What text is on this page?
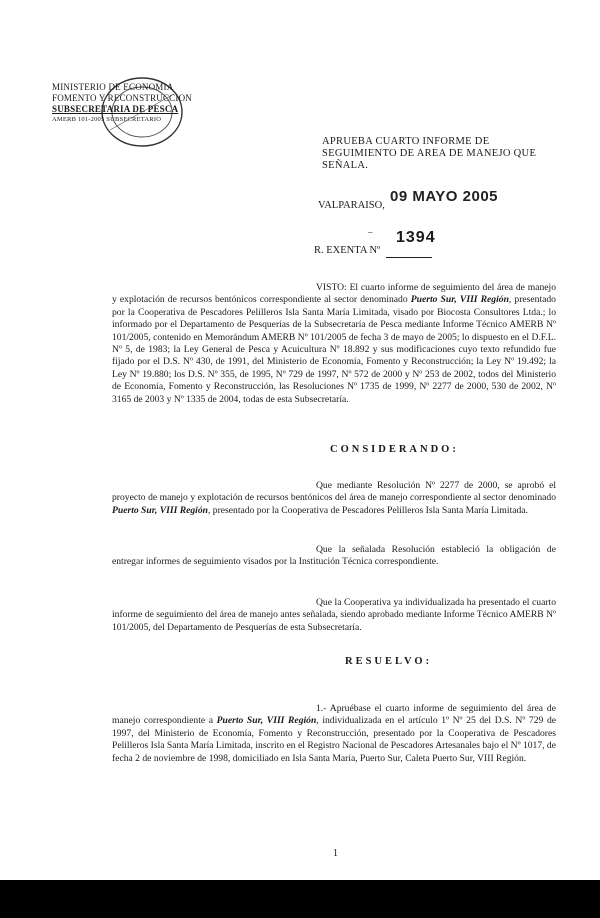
MINISTERIO DE ECONOMIA
FOMENTO Y RECONSTRUCCION
SUBSECRETARIA DE PESCA
AMERB 101-2005 SUBSECRETARIO
APRUEBA CUARTO INFORME DE SEGUIMIENTO DE AREA DE MANEJO QUE SEÑALA.
VALPARAISO,
09 MAYO 2005
– 1394
R. EXENTA Nº

VISTO: El cuarto informe de seguimiento del área de manejo y explotación de recursos bentónicos correspondiente al sector denominado Puerto Sur, VIII Región, presentado por la Cooperativa de Pescadores Pelilleros Isla Santa María Limitada, visado por Biocosta Consultores Ltda.; lo informado por el Departamento de Pesquerías de la Subsecretaría de Pesca mediante Informe Técnico AMERB Nº 101/2005, contenido en Memorándum AMERB Nº 101/2005 de fecha 3 de mayo de 2005; lo dispuesto en el D.F.L. Nº 5, de 1983; la Ley General de Pesca y Acuicultura Nº 18.892 y sus modificaciones cuyo texto refundido fue fijado por el D.S. Nº 430, de 1991, del Ministerio de Economía, Fomento y Reconstrucción; la Ley Nº 19.492; la Ley Nº 19.880; los D.S. Nº 355, de 1995, Nº 729 de 1997, Nº 572 de 2000 y Nº 253 de 2002, todos del Ministerio de Economía, Fomento y Reconstrucción, las Resoluciones Nº 1735 de 1999, Nº 2277 de 2000, 530 de 2002, Nº 3165 de 2003 y Nº 1335 de 2004, todas de esta Subsecretaría.

CONSIDERANDO:

Que mediante Resolución Nº 2277 de 2000, se aprobó el proyecto de manejo y explotación de recursos bentónicos del área de manejo correspondiente al sector denominado Puerto Sur, VIII Región, presentado por la Cooperativa de Pescadores Pelilleros Isla Santa María Limitada.

Que la señalada Resolución estableció la obligación de entregar informes de seguimiento visados por la Institución Técnica correspondiente.

Que la Cooperativa ya individualizada ha presentado el cuarto informe de seguimiento del área de manejo antes señalada, siendo aprobado mediante Informe Técnico AMERB Nº 101/2005, del Departamento de Pesquerías de esta Subsecretaría.

RESUELVO:

1.- Apruébase el cuarto informe de seguimiento del área de manejo correspondiente a Puerto Sur, VIII Región, individualizada en el artículo 1º Nº 25 del D.S. Nº 729 de 1997, del Ministerio de Economía, Fomento y Reconstrucción, presentado por la Cooperativa de Pescadores Pelilleros Isla Santa María Limitada, inscrito en el Registro Nacional de Pescadores Artesanales bajo el Nº 1017, de fecha 2 de noviembre de 1998, domiciliado en Isla Santa María, Puerto Sur, Caleta Puerto Sur, VIII Región.

1
